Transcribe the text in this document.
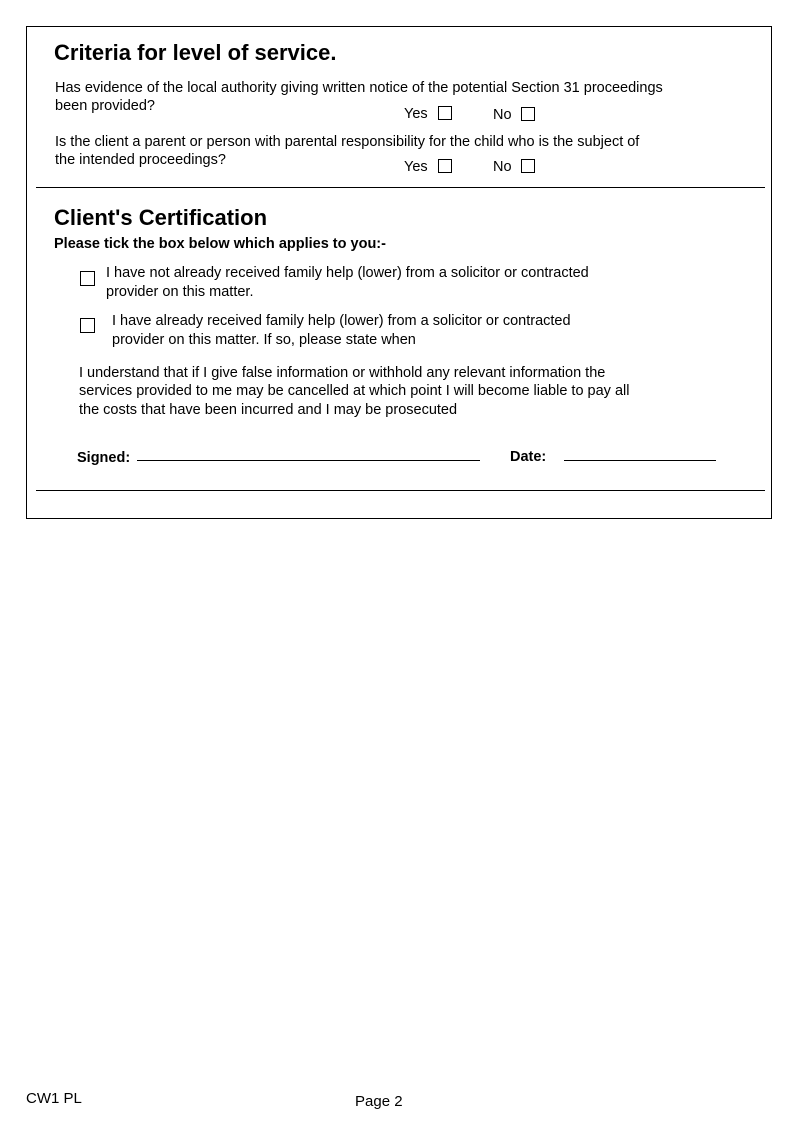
Criteria for level of service.
Has evidence of the local authority giving written notice of the potential Section 31 proceedings
been provided?	Yes	No
Is the client a parent or person with parental responsibility for the child who is the subject of
the intended proceedings?	Yes	No
Client's Certification
Please tick the box below which applies to you:-
I have not already received family help (lower) from a solicitor or contracted
provider on this matter.
I have already received family help (lower) from a solicitor or contracted
provider on this matter. If so, please state when
I understand that if I give false information or withhold any relevant information the
services provided to me may be cancelled at which point I will become liable to pay all
the costs that have been incurred and I may be prosecuted
Signed:	Date:
CW1 PL	Page 2
